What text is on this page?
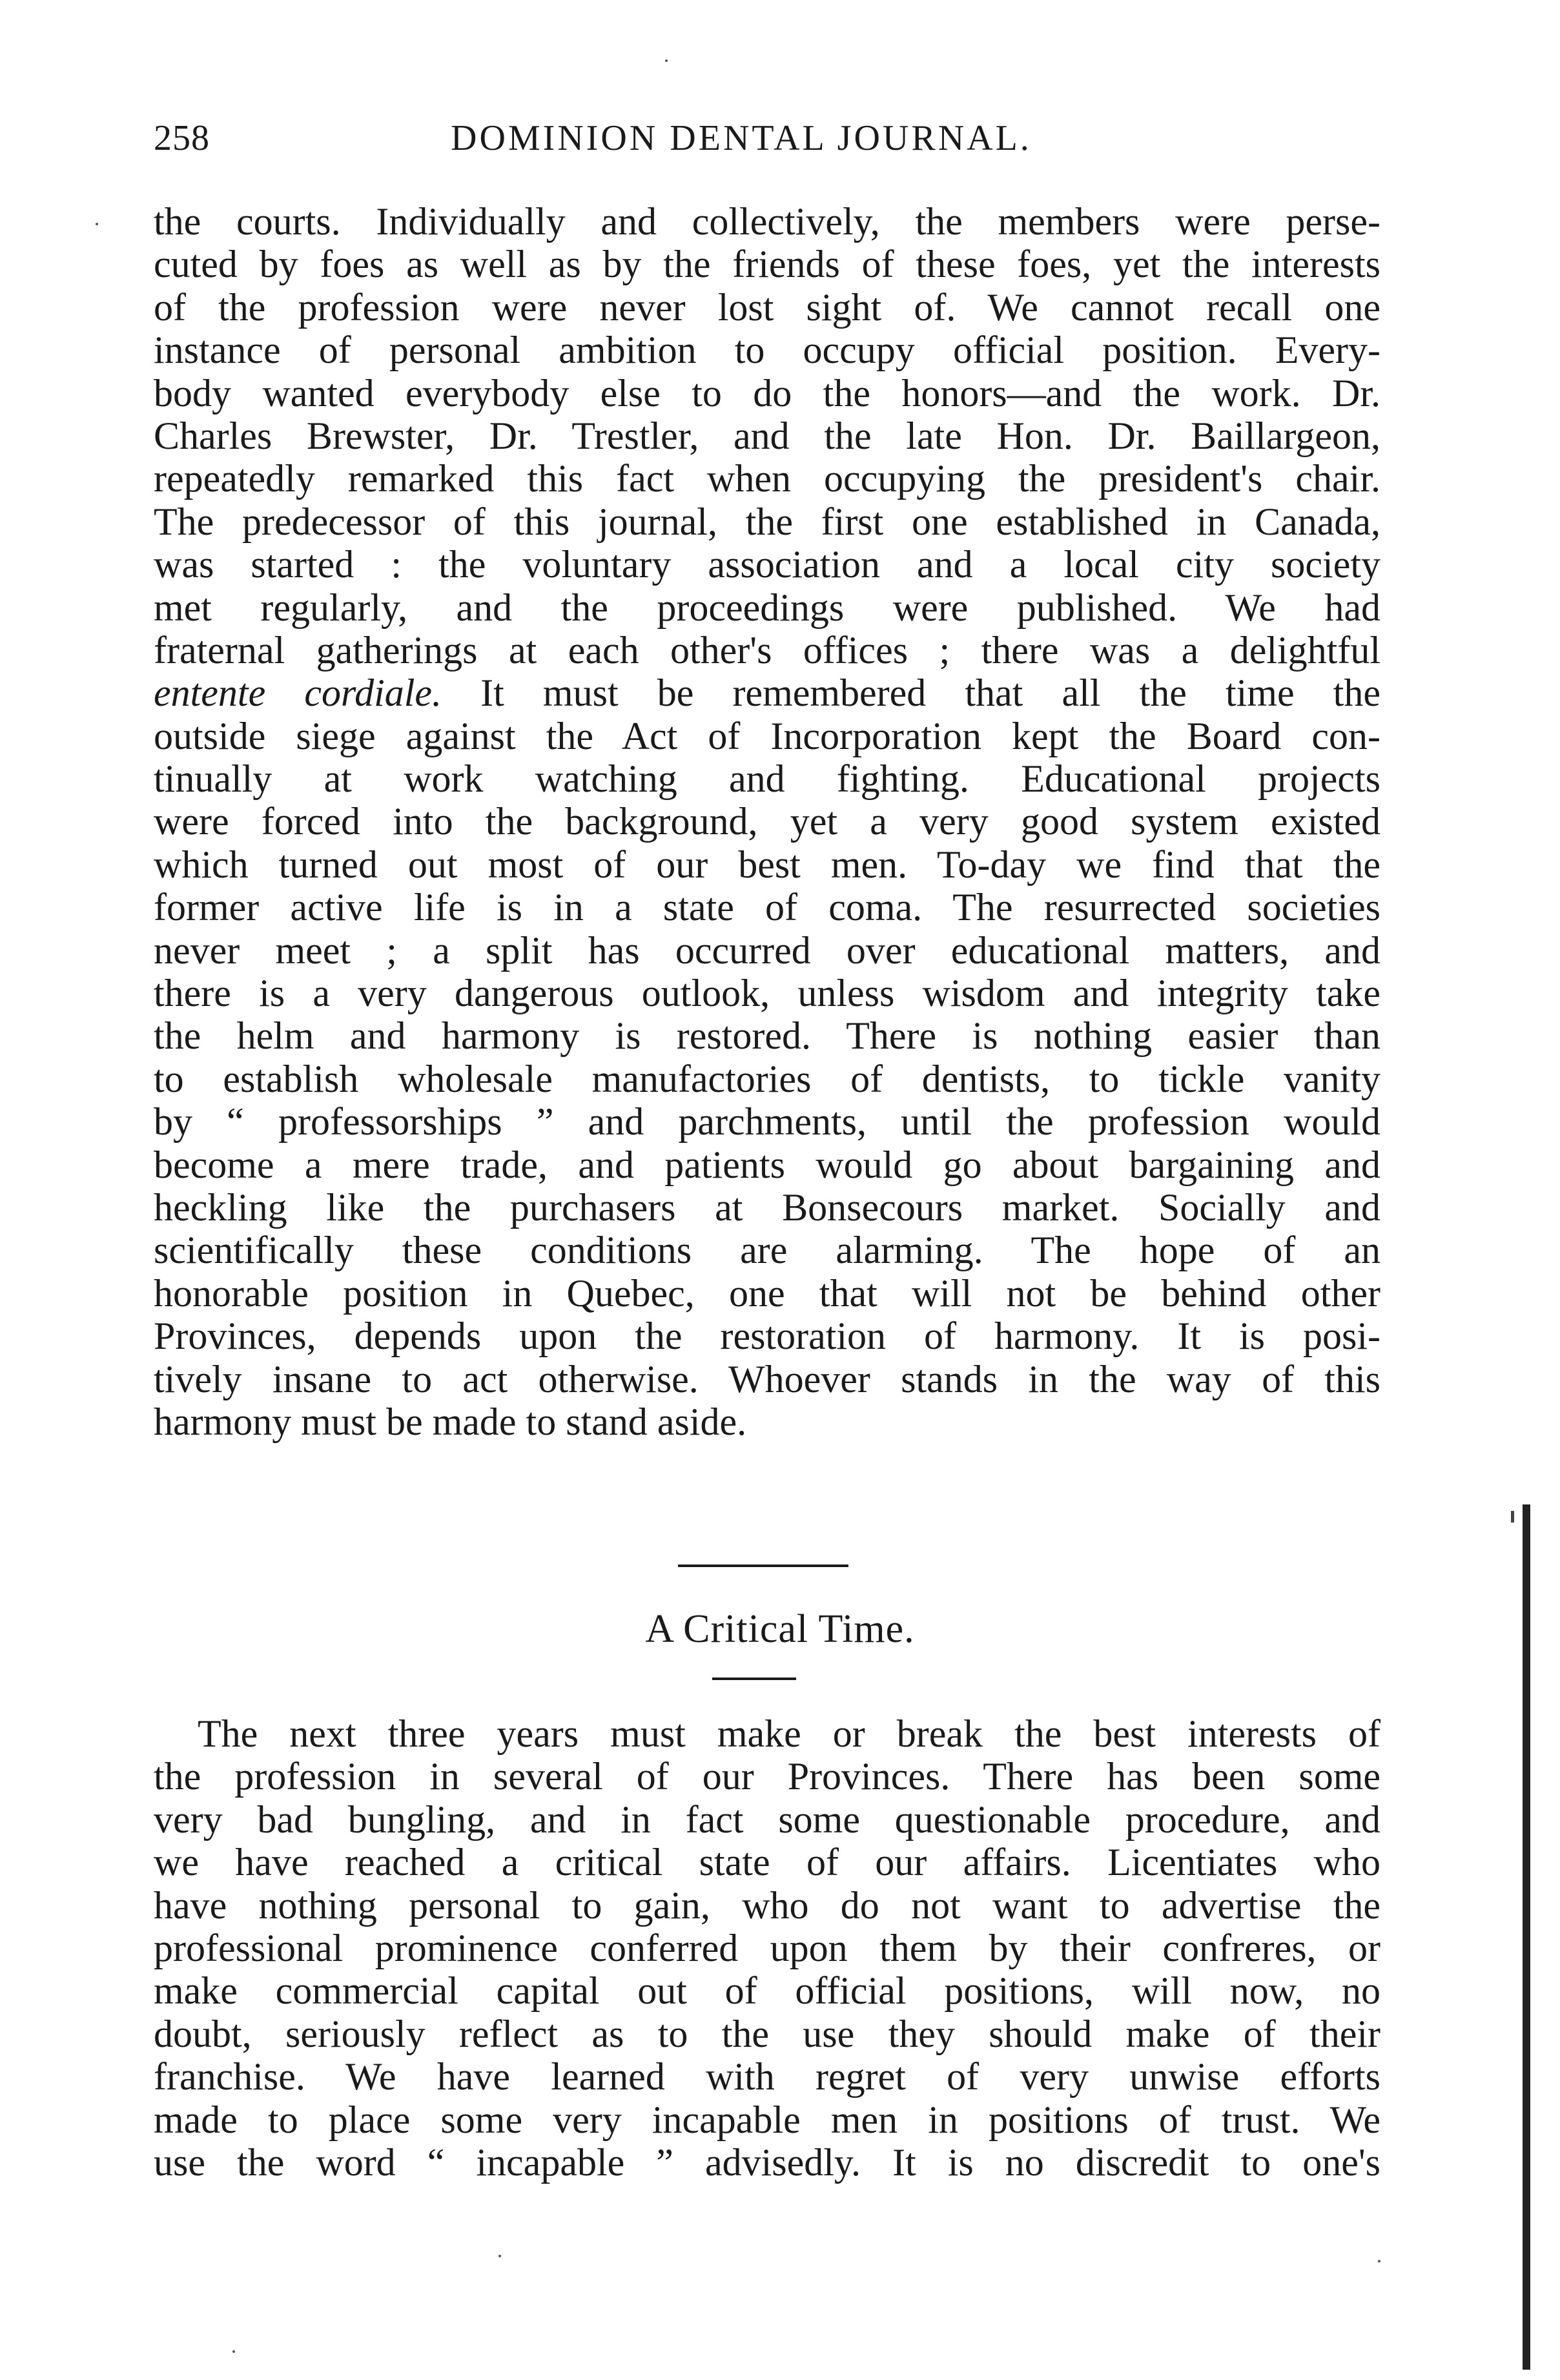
258	DOMINION DENTAL JOURNAL.
the courts. Individually and collectively, the members were perse-
cuted by foes as well as by the friends of these foes, yet the interests
of the profession were never lost sight of. We cannot recall one
instance of personal ambition to occupy official position. Every-
body wanted everybody else to do the honors—and the work. Dr.
Charles Brewster, Dr. Trestler, and the late Hon. Dr. Baillargeon,
repeatedly remarked this fact when occupying the president's chair.
The predecessor of this journal, the first one established in Canada,
was started : the voluntary association and a local city society
met regularly, and the proceedings were published. We had
fraternal gatherings at each other's offices ; there was a delightful
entente cordiale. It must be remembered that all the time the
outside siege against the Act of Incorporation kept the Board con-
tinually at work watching and fighting. Educational projects
were forced into the background, yet a very good system existed
which turned out most of our best men. To-day we find that the
former active life is in a state of coma. The resurrected societies
never meet ; a split has occurred over educational matters, and
there is a very dangerous outlook, unless wisdom and integrity take
the helm and harmony is restored. There is nothing easier than
to establish wholesale manufactories of dentists, to tickle vanity
by “ professorships ” and parchments, until the profession would
become a mere trade, and patients would go about bargaining and
heckling like the purchasers at Bonsecours market. Socially and
scientifically these conditions are alarming. The hope of an
honorable position in Quebec, one that will not be behind other
Provinces, depends upon the restoration of harmony. It is posi-
tively insane to act otherwise. Whoever stands in the way of this
harmony must be made to stand aside.
A Critical Time.
The next three years must make or break the best interests of
the profession in several of our Provinces. There has been some
very bad bungling, and in fact some questionable procedure, and
we have reached a critical state of our affairs. Licentiates who
have nothing personal to gain, who do not want to advertise the
professional prominence conferred upon them by their confreres, or
make commercial capital out of official positions, will now, no
doubt, seriously reflect as to the use they should make of their
franchise. We have learned with regret of very unwise efforts
made to place some very incapable men in positions of trust. We
use the word “ incapable ” advisedly. It is no discredit to one's
